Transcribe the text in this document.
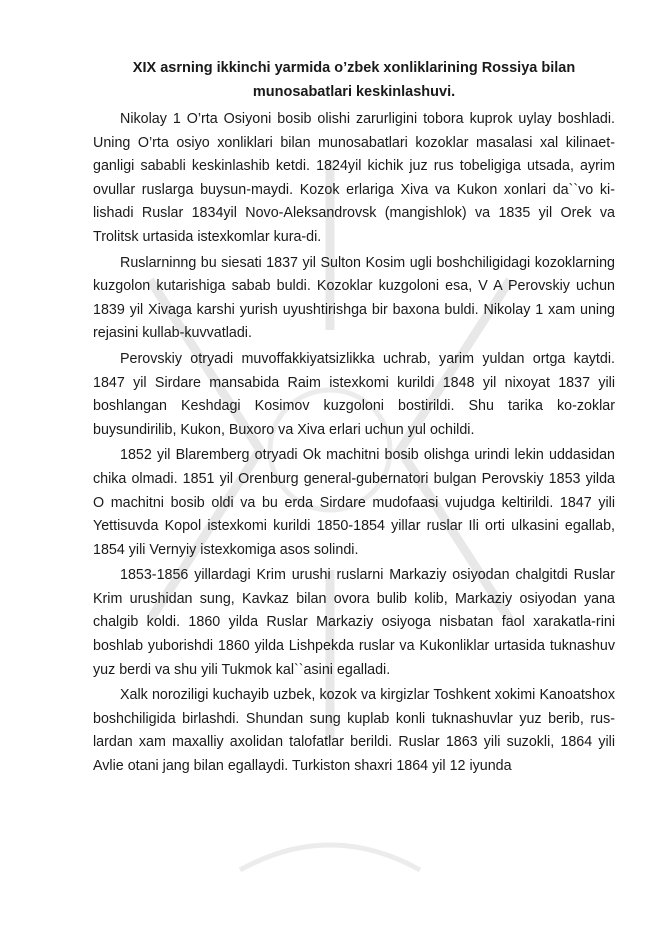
XIX asrning ikkinchi yarmida o’zbek xonliklarining Rossiya bilan
munosabatlari keskinlashuvi.

Nikolay 1 O’rta Osiyoni bosib olishi zarurligini tobora kuprok uylay boshladi. Uning O’rta osiyo xonliklari bilan munosabatlari kozoklar masalasi xal kilinaet-ganligi sababli keskinlashib ketdi. 1824yil kichik juz rus tobeligiga utsada, ayrim ovullar ruslarga buysun-maydi. Kozok erlariga Xiva va Kukon xonlari da``vo ki-lishadi Ruslar 1834yil Novo-Aleksandrovsk (mangishlok) va 1835 yil Orek va Trolitsk urtasida istexkomlar kura-di.

Ruslarninng bu siesati 1837 yil Sulton Kosim ugli boshchiligidagi kozoklarning kuzgolon kutarishiga sabab buldi. Kozoklar kuzgoloni esa, V A Perovskiy uchun 1839 yil Xivaga karshi yurish uyushtirishga bir baxona buldi. Nikolay 1 xam uning rejasini kullab-kuvvatladi.

Perovskiy otryadi muvoffakkiyatsizlikka uchrab, yarim yuldan ortga kaytdi. 1847 yil Sirdare mansabida Raim istexkomi kurildi 1848 yil nixoyat 1837 yili boshlangan Keshdagi Kosimov kuzgoloni bostirildi. Shu tarika ko-zoklar buysundirilib, Kukon, Buxoro va Xiva erlari uchun yul ochildi.

1852 yil Blaremberg otryadi Ok machitni bosib olishga urindi lekin uddasidan chika olmadi. 1851 yil Orenburg general-gubernatori bulgan Perovskiy 1853 yilda O machitni bosib oldi va bu erda Sirdare mudofaasi vujudga keltirildi. 1847 yili Yettisuvda Kopol istexkomi kurildi 1850-1854 yillar ruslar Ili orti ulkasini egallab, 1854 yili Vernyiy istexkomiga asos solindi.

1853-1856 yillardagi Krim urushi ruslarni Markaziy osiyodan chalgitdi Ruslar Krim urushidan sung, Kavkaz bilan ovora bulib kolib, Markaziy osiyodan yana chalgib koldi. 1860 yilda Ruslar Markaziy osiyoga nisbatan faol xarakatla-rini boshlab yuborishdi 1860 yilda Lishpekda ruslar va Kukonliklar urtasida tuknashuv yuz berdi va shu yili Tukmok kal``asini egalladi.

Xalk noroziligi kuchayib uzbek, kozok va kirgizlar Toshkent xokimi Kanoatshox boshchiligida birlashdi. Shundan sung kuplab konli tuknashuvlar yuz berib, rus-lardan xam maxalliy axolidan talofatlar berildi. Ruslar 1863 yili suzokli, 1864 yili Avlie otani jang bilan egallaydi. Turkiston shaxri 1864 yil 12 iyunda
